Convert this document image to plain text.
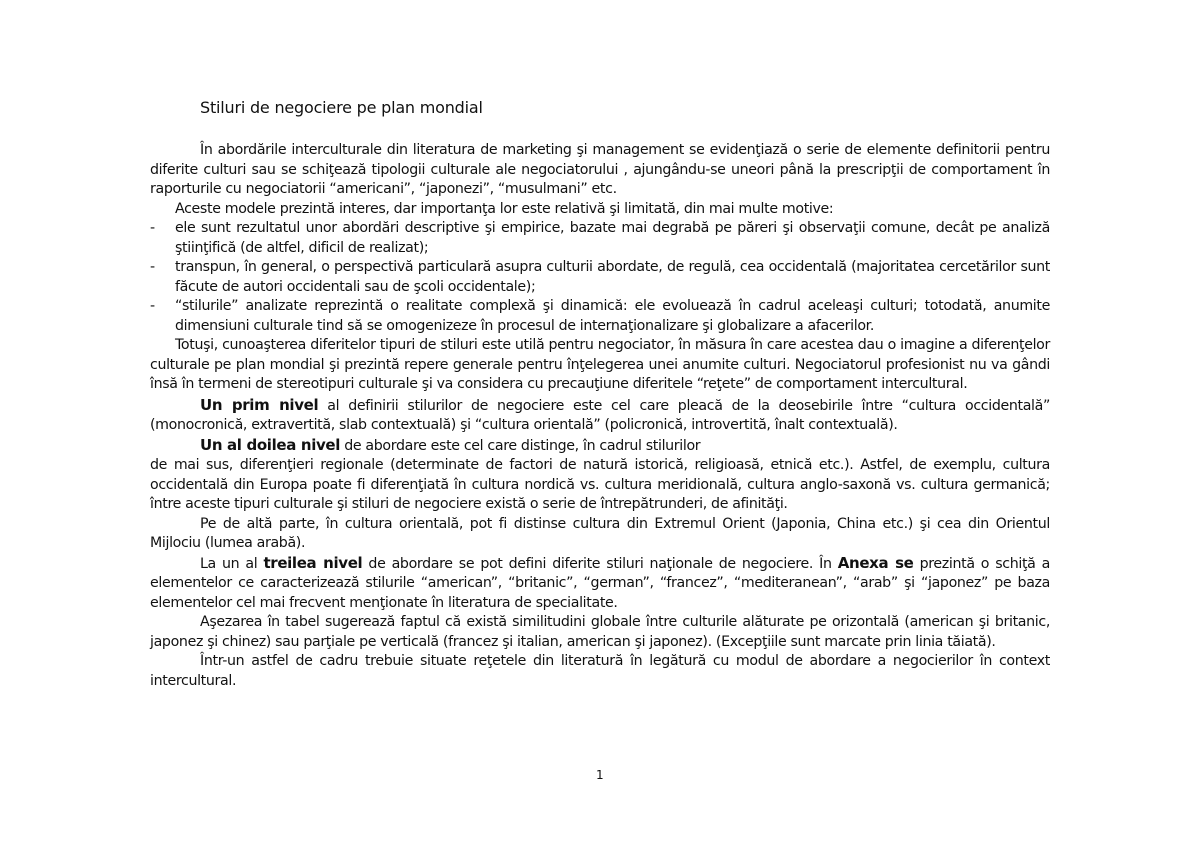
Stiluri de negociere pe plan mondial

În abordările interculturale din literatura de marketing şi management se evidenţiază o serie de elemente definitorii pentru diferite culturi sau se schiţează tipologii culturale ale negociatorului , ajungându-se uneori până la prescripţii de comportament în raporturile cu negociatorii “americani”, “japonezi”, “musulmani” etc.

Aceste modele prezintă interes, dar importanţa lor este relativă şi limitată, din mai multe motive:

- ele sunt rezultatul unor abordări descriptive şi empirice, bazate mai degrabă pe păreri şi observaţii comune, decât pe analiză ştiinţifică (de altfel, dificil de realizat);

- transpun, în general, o perspectivă particulară asupra culturii abordate, de regulă, cea occidentală (majoritatea cercetărilor sunt făcute de autori occidentali sau de şcoli occidentale);

- “stilurile” analizate reprezintă o realitate complexă şi dinamică: ele evoluează în cadrul aceleaşi culturi; totodată, anumite dimensiuni culturale tind să se omogenizeze în procesul de internaţionalizare şi globalizare a afacerilor.

Totuşi, cunoaşterea diferitelor tipuri de stiluri este utilă pentru negociator, în măsura în care acestea dau o imagine a diferenţelor culturale pe plan mondial şi prezintă repere generale pentru înţelegerea unei anumite culturi. Negociatorul profesionist nu va gândi însă în termeni de stereotipuri culturale şi va considera cu precauţiune diferitele “reţete” de comportament intercultural.

Un prim nivel al definirii stilurilor de negociere este cel care pleacă de la deosebirile între “cultura occidentală” (monocronică, extravertită, slab contextuală) şi “cultura orientală” (policronică, introvertită, înalt contextuală).

Un al doilea nivel de abordare este cel care distinge, în cadrul stilurilor

de mai sus, diferenţieri regionale (determinate de factori de natură istorică, religioasă, etnică etc.). Astfel, de exemplu, cultura occidentală din Europa poate fi diferenţiată în cultura nordică vs. cultura meridională, cultura anglo-saxonă vs. cultura germanică; între aceste tipuri culturale şi stiluri de negociere există o serie de întrepătrunderi, de afinităţi.

Pe de altă parte, în cultura orientală, pot fi distinse cultura din Extremul Orient (Japonia, China etc.) şi cea din Orientul Mijlociu (lumea arabă).

La un al treilea nivel de abordare se pot defini diferite stiluri naţionale de negociere. În Anexa se prezintă o schiţă a elementelor ce caracterizează stilurile “american”, “britanic”, “german”, “francez”, “mediteranean”, “arab” şi “japonez” pe baza elementelor cel mai frecvent menţionate în literatura de specialitate.

Aşezarea în tabel sugerează faptul că există similitudini globale între culturile alăturate pe orizontală (american şi britanic, japonez şi chinez) sau parţiale pe verticală (francez şi italian, american şi japonez). (Excepţiile sunt marcate prin linia tăiată).

Într-un astfel de cadru trebuie situate reţetele din literatură în legătură cu modul de abordare a negocierilor în context intercultural.

1
